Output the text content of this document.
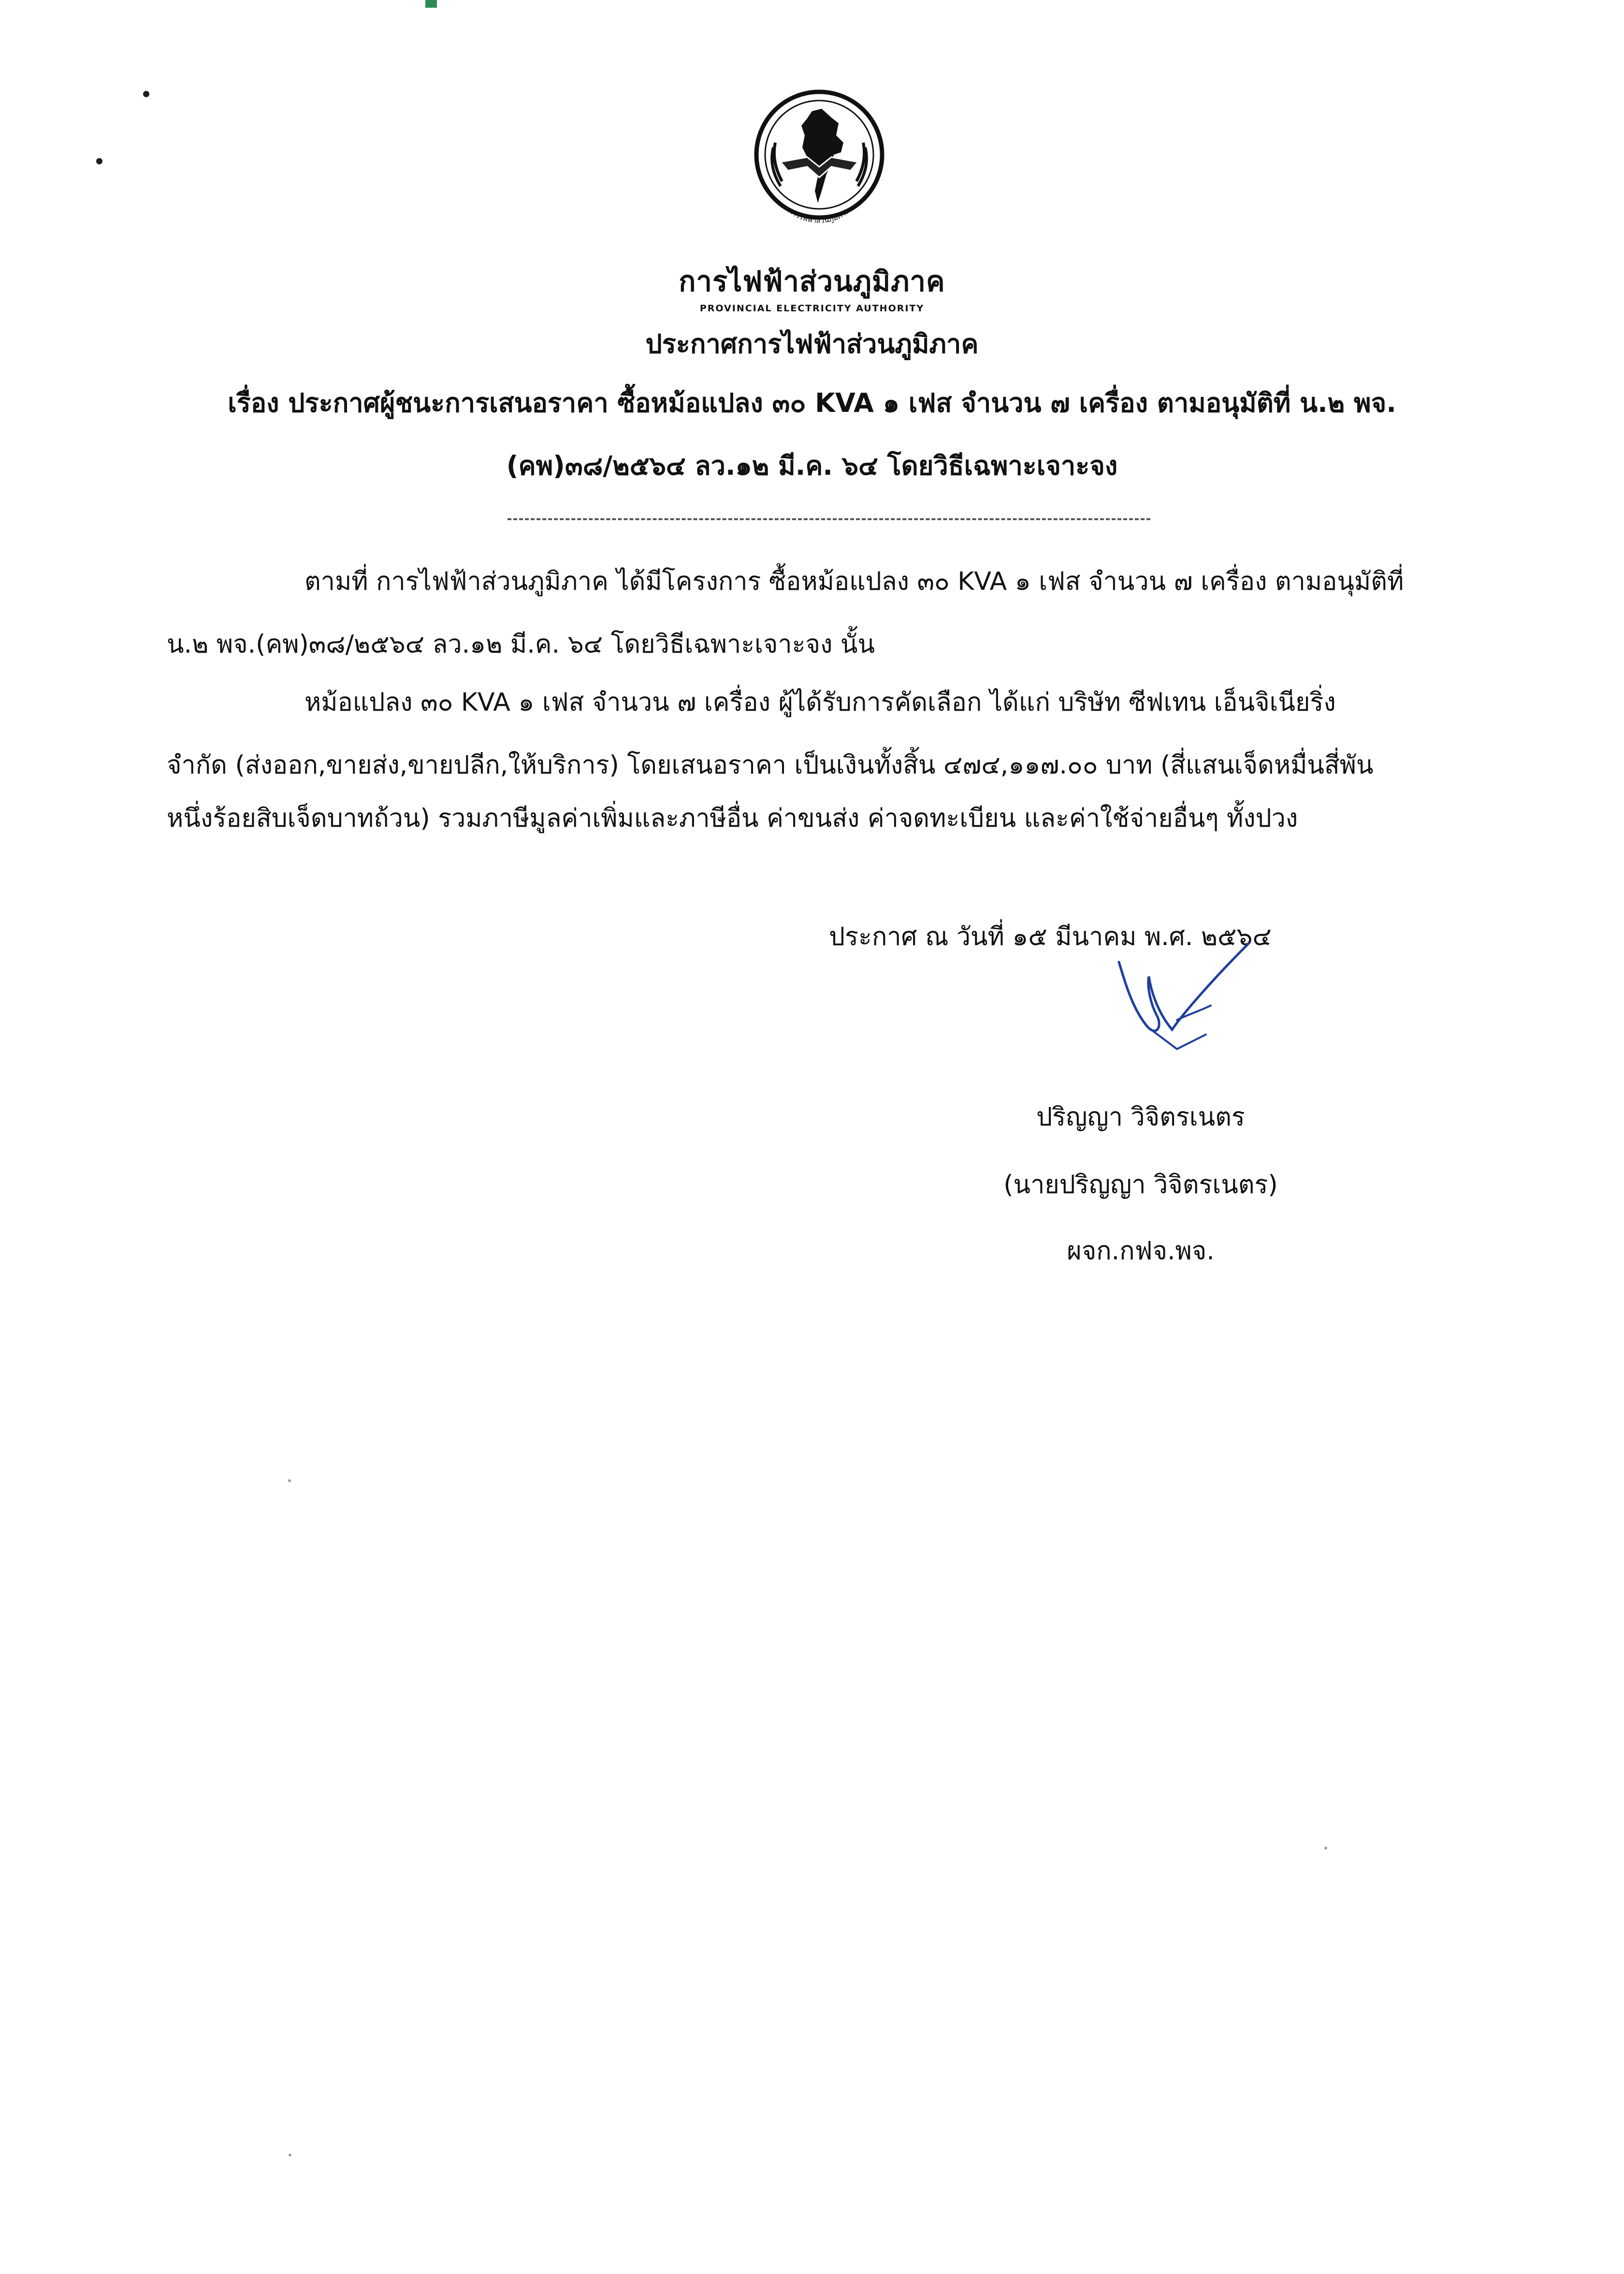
การไฟฟ้าส่วนภูมิภาค
การไฟฟ้าส่วนภูมิภาค
PROVINCIAL ELECTRICITY AUTHORITY
ประกาศการไฟฟ้าส่วนภูมิภาค
เรื่อง ประกาศผู้ชนะการเสนอราคา ซื้อหม้อแปลง ๓๐ KVA ๑ เฟส จำนวน ๗ เครื่อง ตามอนุมัติที่ น.๒ พจ.
(คพ)๓๘/๒๕๖๔ ลว.๑๒ มี.ค. ๖๔ โดยวิธีเฉพาะเจาะจง
ตามที่ การไฟฟ้าส่วนภูมิภาค ได้มีโครงการ ซื้อหม้อแปลง ๓๐ KVA ๑ เฟส จำนวน ๗ เครื่อง ตามอนุมัติที่
น.๒ พจ.(คพ)๓๘/๒๕๖๔ ลว.๑๒ มี.ค. ๖๔ โดยวิธีเฉพาะเจาะจง นั้น
หม้อแปลง ๓๐ KVA ๑ เฟส จำนวน ๗ เครื่อง ผู้ได้รับการคัดเลือก ได้แก่ บริษัท ซีฟเทน เอ็นจิเนียริ่ง
จำกัด (ส่งออก,ขายส่ง,ขายปลีก,ให้บริการ) โดยเสนอราคา เป็นเงินทั้งสิ้น ๔๗๔,๑๑๗.๐๐ บาท (สี่แสนเจ็ดหมื่นสี่พัน
หนึ่งร้อยสิบเจ็ดบาทถ้วน) รวมภาษีมูลค่าเพิ่มและภาษีอื่น ค่าขนส่ง ค่าจดทะเบียน และค่าใช้จ่ายอื่นๆ ทั้งปวง
ประกาศ ณ วันที่ ๑๕ มีนาคม พ.ศ. ๒๕๖๔
ปริญญา วิจิตรเนตร
(นายปริญญา วิจิตรเนตร)
ผจก.กฟจ.พจ.
